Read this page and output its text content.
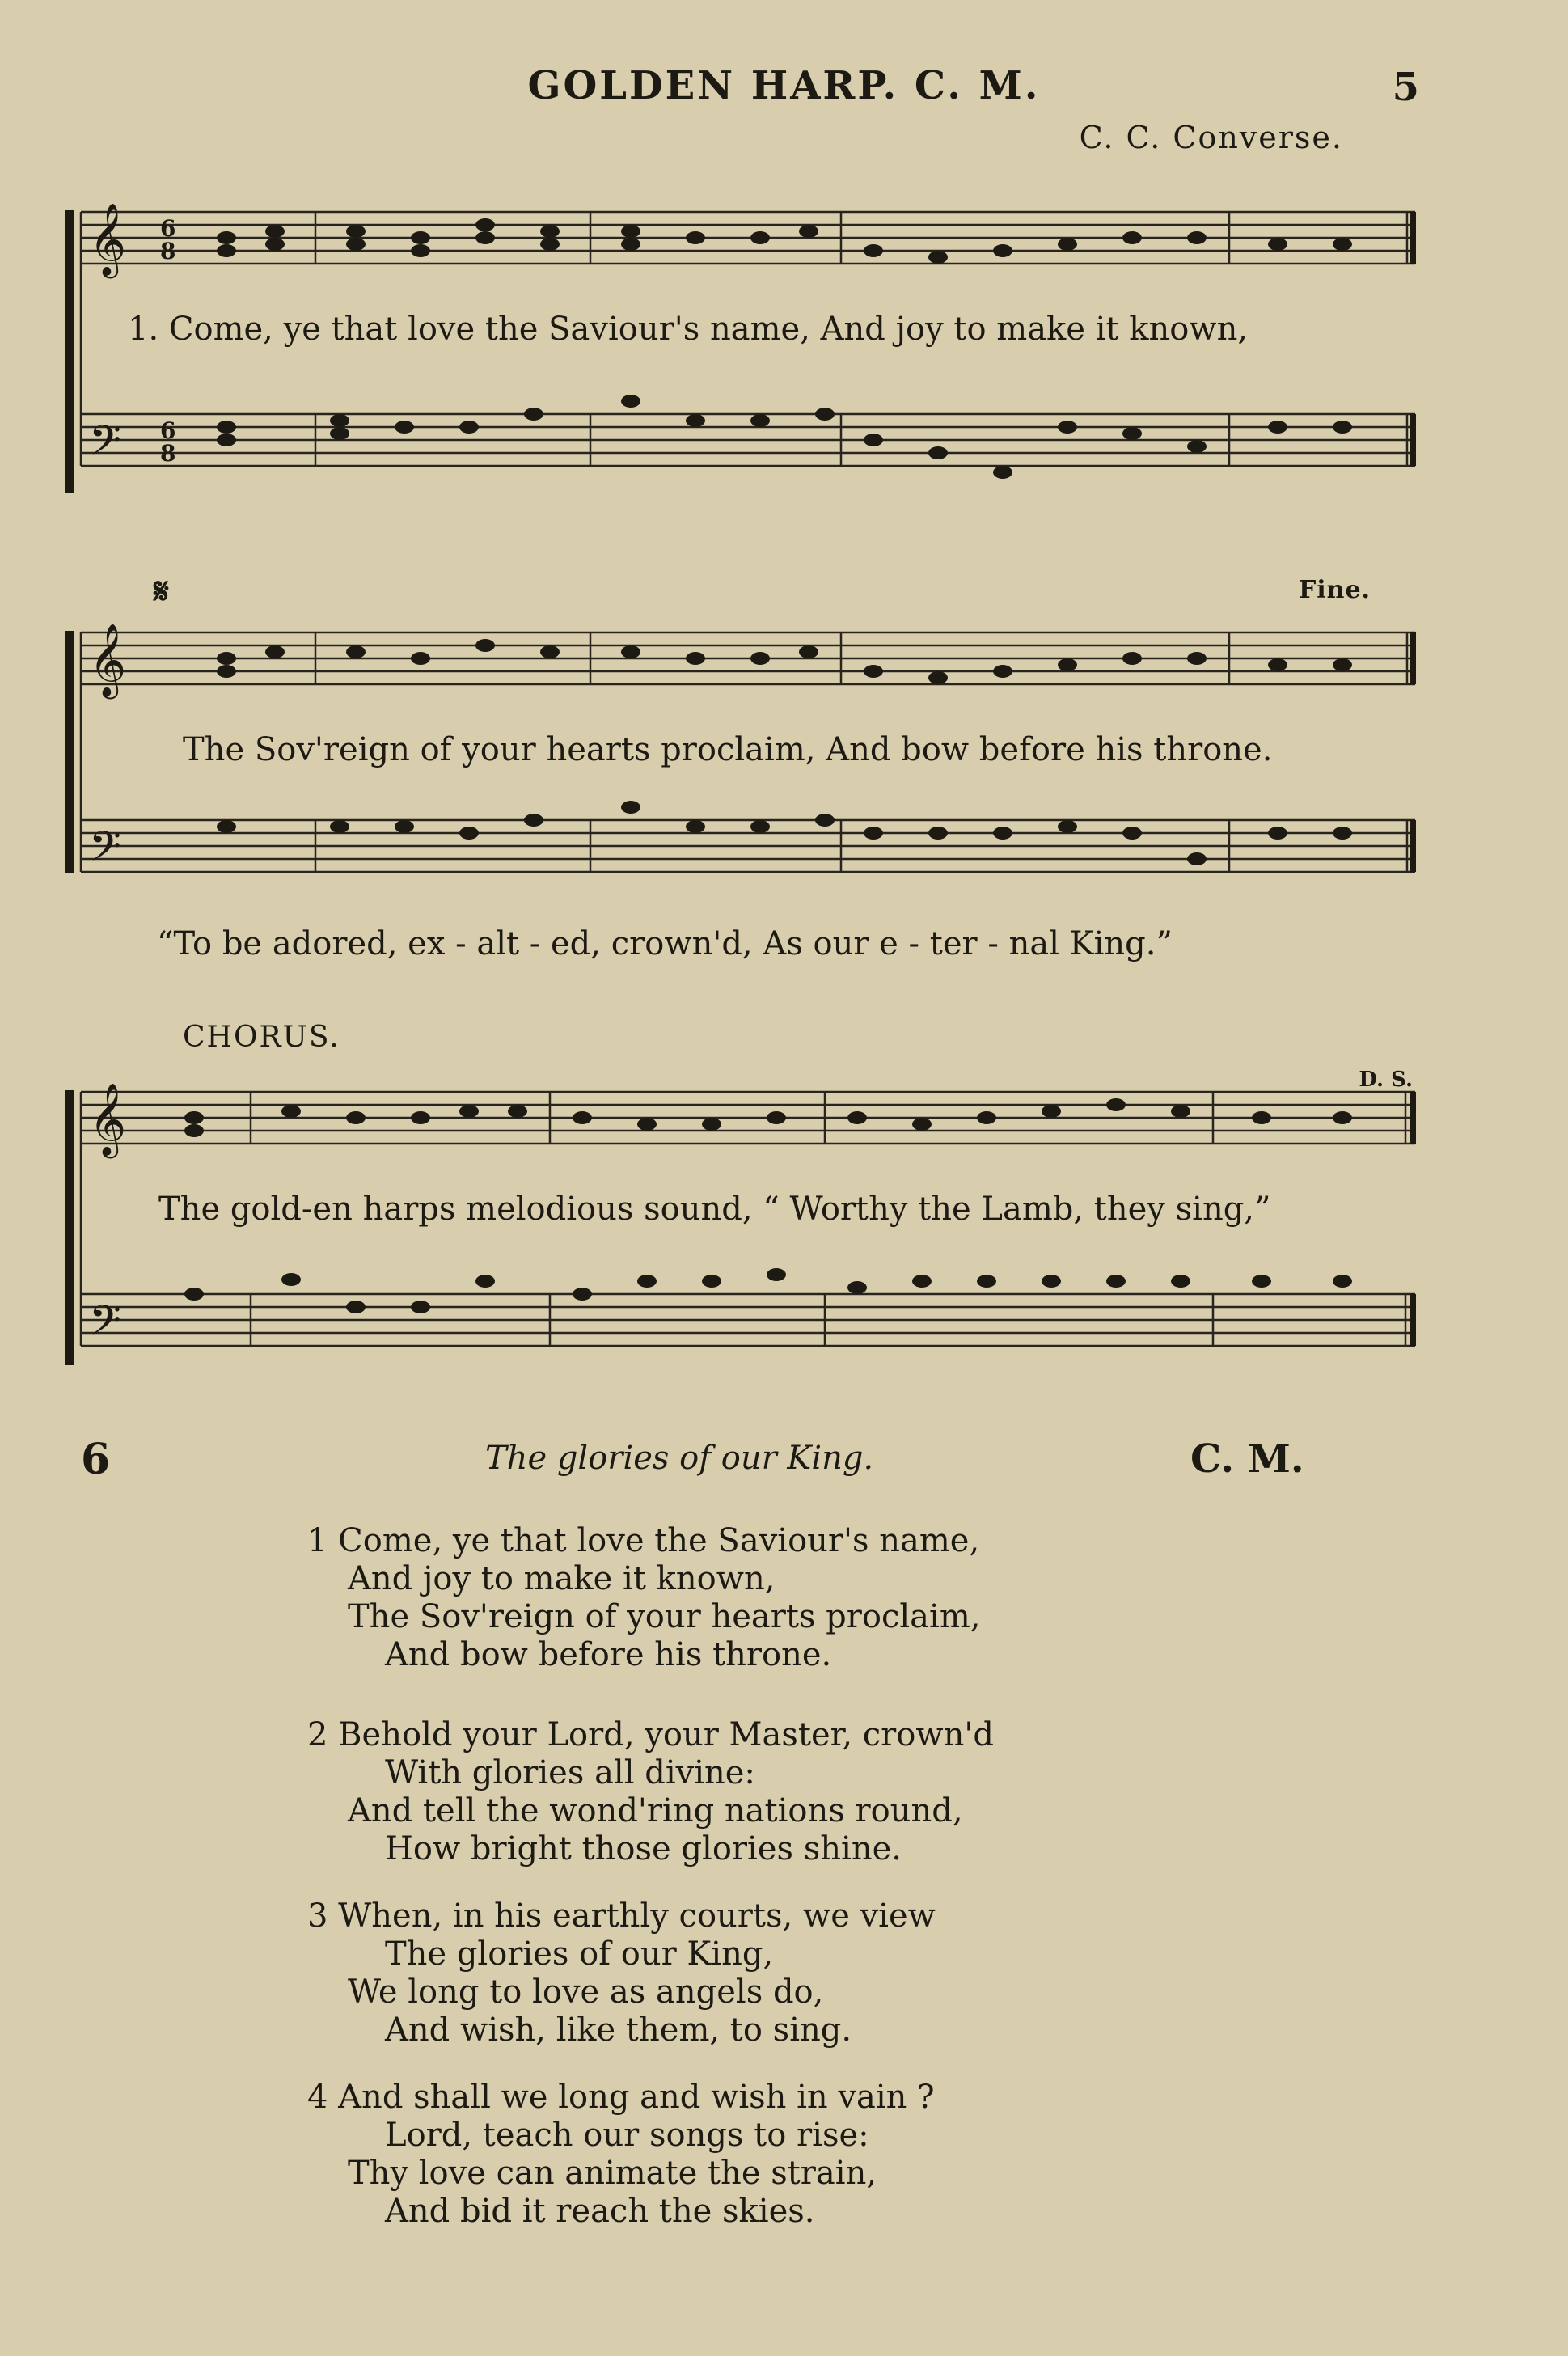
GOLDEN HARP. C. M.	5
C. C. Converse.
𝄞
𝄢
6
8
6
8
1. Come, ye that love the Saviour's name, And joy to make it known,
𝄋	Fine.
𝄞
𝄢
The Sov'reign of your hearts proclaim, And bow before his throne.
“To be adored, ex - alt - ed, crown'd, As our e - ter - nal King.”
CHORUS.
D. S.
𝄞
𝄢
The gold-en harps melodious sound, “ Worthy the Lamb, they sing,”
6	The glories of our King.	C. M.
1 Come, ye that love the Saviour's name,
And joy to make it known,
The Sov'reign of your hearts proclaim,
And bow before his throne.
2 Behold your Lord, your Master, crown'd
With glories all divine:
And tell the wond'ring nations round,
How bright those glories shine.
3 When, in his earthly courts, we view
The glories of our King,
We long to love as angels do,
And wish, like them, to sing.
4 And shall we long and wish in vain ?
Lord, teach our songs to rise:
Thy love can animate the strain,
And bid it reach the skies.
